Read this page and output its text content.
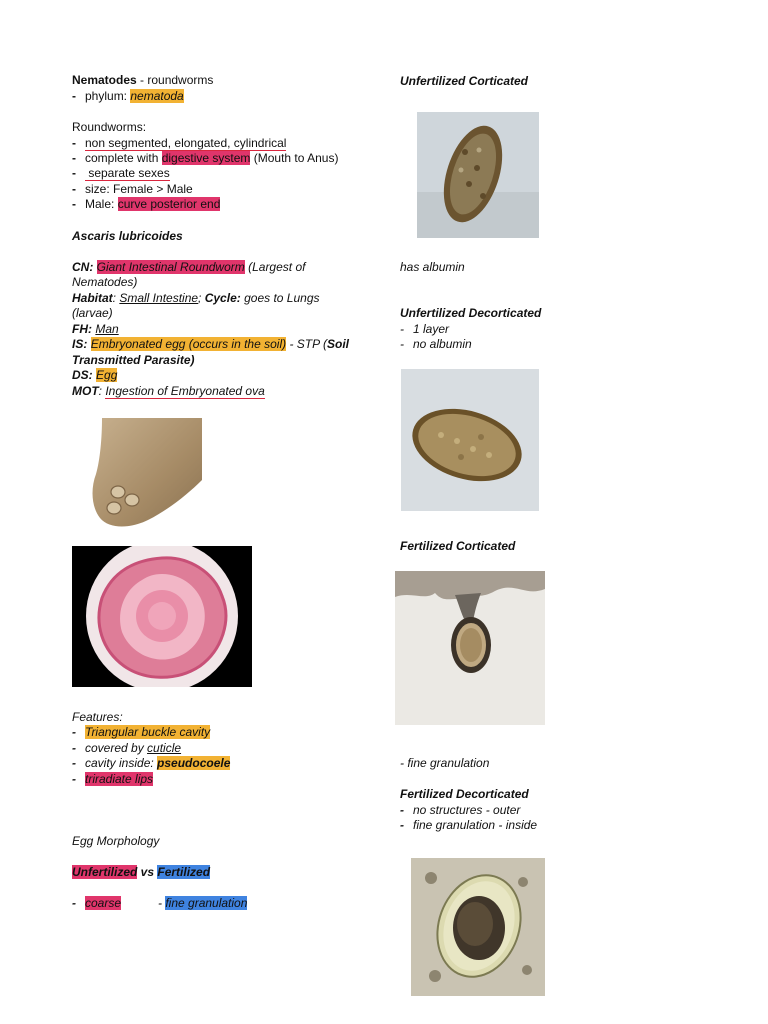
Nematodes - roundworms
- phylum: nematoda
Roundworms:
- non segmented, elongated, cylindrical
- complete with digestive system (Mouth to Anus)
- separate sexes
- size: Female > Male
- Male: curve posterior end
Ascaris lubricoides
CN: Giant Intestinal Roundworm (Largest of
Nematodes)
Habitat: Small Intestine; Cycle: goes to Lungs
(larvae)
FH: Man
IS: Embryonated egg (occurs in the soil) - STP (Soil
Transmitted Parasite)
DS: Egg
MOT: Ingestion of Embryonated ova
Features:
- Triangular buckle cavity
- covered by cuticle
- cavity inside: pseudocoele
- triradiate lips
Egg Morphology
Unfertilized vs Fertilized
- coarse	- fine granulation
Unfertilized Corticated
has albumin
Unfertilized Decorticated
- 1 layer
- no albumin
Fertilized Corticated
- fine granulation
Fertilized Decorticated
- no structures - outer
- fine granulation - inside
